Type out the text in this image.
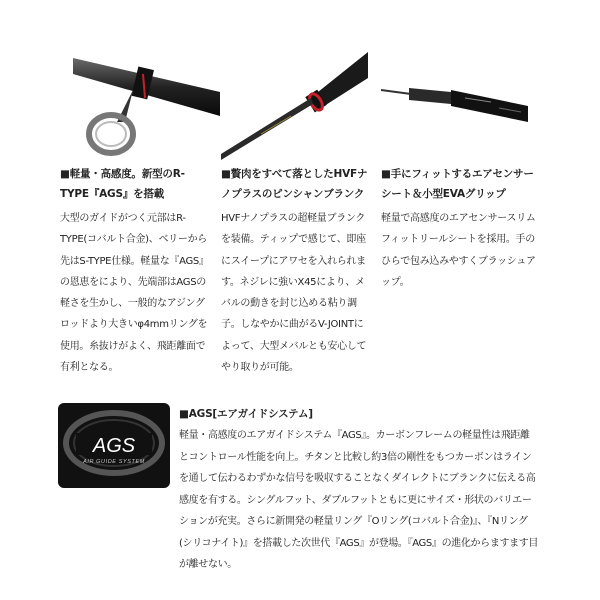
■軽量・高感度。新型のR-TYPE『AGS』を搭載

大型のガイドがつく元部はR-TYPE(コバルト合金)、ベリーから先はS-TYPE仕様。軽量な『AGS』の恩恵をにより、先端部はAGSの軽さを生かし、一般的なアジングロッドより大きいφ4mmリングを使用。糸抜けがよく、飛距離面で有利となる。

■贅肉をすべて落としたHVFナノプラスのピンシャンブランク

HVFナノプラスの超軽量ブランクを装備。ティップで感じて、即座にスイープにアワセを入れられます。ネジレに強いX45により、メバルの動きを封じ込める粘り調子。しなやかに曲がるV-JOINTによって、大型メバルとも安心してやり取りが可能。

■手にフィットするエアセンサーシート＆小型EVAグリップ

軽量で高感度のエアセンサースリムフィットリールシートを採用。手のひらで包み込みやすくブラッシュアップ。

AGS
AIR GUIDE SYSTEM

■AGS[エアガイドシステム]

軽量・高感度のエアガイドシステム『AGS』。カーボンフレームの軽量性は飛距離とコントロール性能を向上。チタンと比較し約3倍の剛性をもつカーボンはラインを通して伝わるわずかな信号を吸収することなくダイレクトにブランクに伝える高感度を有する。シングルフット、ダブルフットともに更にサイズ・形状のバリエーションが充実。さらに新開発の軽量リング『Oリング(コバルト合金)』、『Nリング(シリコナイト)』を搭載した次世代『AGS』が登場。『AGS』の進化からますます目が離せない。
